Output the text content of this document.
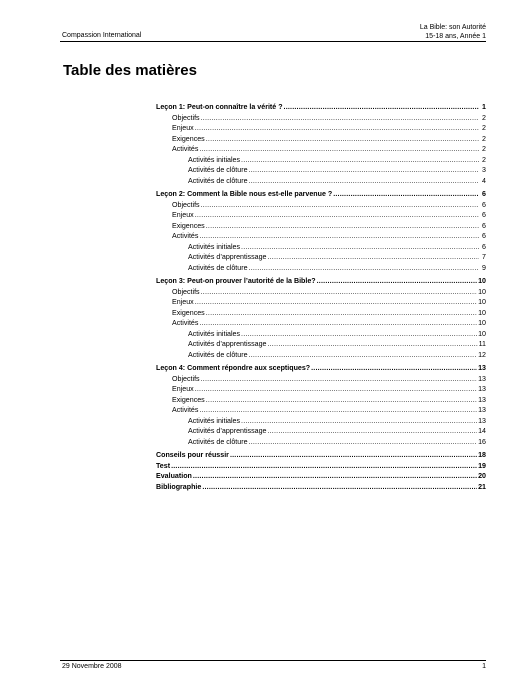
Compassion International
La Bible: son Autorité
15-18 ans, Année 1
Table des matières
Leçon 1: Peut-on connaître la vérité ? .....	1
Objectifs .....	2
Enjeux .....	2
Exigences .....	2
Activités .....	2
Activités initiales .....	2
Activités de clôture .....	3
Activités de clôture .....	4
Leçon 2: Comment la Bible nous est-elle parvenue ? .....	6
Objectifs .....	6
Enjeux .....	6
Exigences .....	6
Activités .....	6
Activités initiales .....	6
Activités d’apprentissage .....	7
Activités de clôture .....	9
Leçon 3: Peut-on prouver l’autorité de la Bible? .....	10
Objectifs .....	10
Enjeux .....	10
Exigences .....	10
Activités .....	10
Activités initiales .....	10
Activités d’apprentissage .....	11
Activités de clôture .....	12
Leçon 4: Comment répondre aux sceptiques? .....	13
Objectifs .....	13
Enjeux .....	13
Exigences .....	13
Activités .....	13
Activités initiales .....	13
Activités d’apprentissage .....	14
Activités de clôture .....	16
Conseils pour réussir .....	18
Test .....	19
Evaluation .....	20
Bibliographie .....	21
29 Novembre 2008	1
